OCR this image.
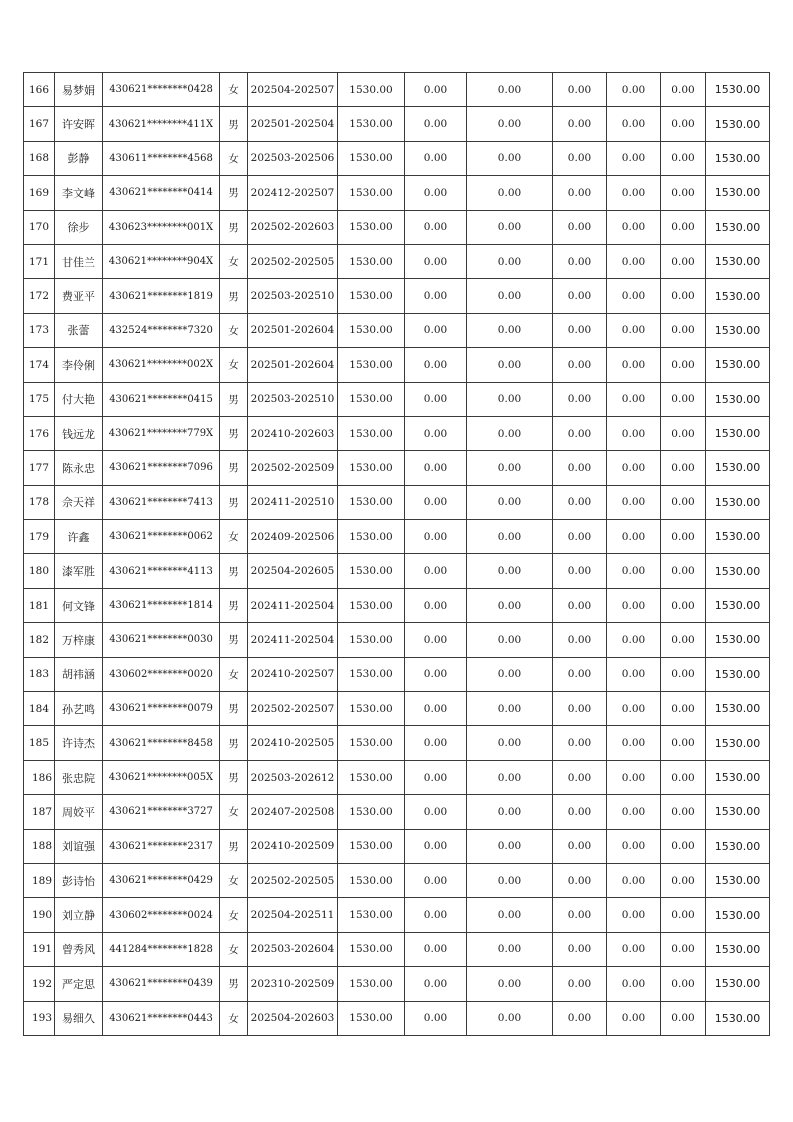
166	易梦娟	430621********0428	女	202504-202507	1530.00	0.00	0.00	0.00	0.00	0.00	1530.00
167	许安晖	430621********411X	男	202501-202504	1530.00	0.00	0.00	0.00	0.00	0.00	1530.00
168	彭静	430611********4568	女	202503-202506	1530.00	0.00	0.00	0.00	0.00	0.00	1530.00
169	李文峰	430621********0414	男	202412-202507	1530.00	0.00	0.00	0.00	0.00	0.00	1530.00
170	徐步	430623********001X	男	202502-202603	1530.00	0.00	0.00	0.00	0.00	0.00	1530.00
171	甘佳兰	430621********904X	女	202502-202505	1530.00	0.00	0.00	0.00	0.00	0.00	1530.00
172	费亚平	430621********1819	男	202503-202510	1530.00	0.00	0.00	0.00	0.00	0.00	1530.00
173	张蕾	432524********7320	女	202501-202604	1530.00	0.00	0.00	0.00	0.00	0.00	1530.00
174	李伶俐	430621********002X	女	202501-202604	1530.00	0.00	0.00	0.00	0.00	0.00	1530.00
175	付大艳	430621********0415	男	202503-202510	1530.00	0.00	0.00	0.00	0.00	0.00	1530.00
176	钱远龙	430621********779X	男	202410-202603	1530.00	0.00	0.00	0.00	0.00	0.00	1530.00
177	陈永忠	430621********7096	男	202502-202509	1530.00	0.00	0.00	0.00	0.00	0.00	1530.00
178	佘天祥	430621********7413	男	202411-202510	1530.00	0.00	0.00	0.00	0.00	0.00	1530.00
179	许鑫	430621********0062	女	202409-202506	1530.00	0.00	0.00	0.00	0.00	0.00	1530.00
180	漆军胜	430621********4113	男	202504-202605	1530.00	0.00	0.00	0.00	0.00	0.00	1530.00
181	何文锋	430621********1814	男	202411-202504	1530.00	0.00	0.00	0.00	0.00	0.00	1530.00
182	万梓康	430621********0030	男	202411-202504	1530.00	0.00	0.00	0.00	0.00	0.00	1530.00
183	胡祎涵	430602********0020	女	202410-202507	1530.00	0.00	0.00	0.00	0.00	0.00	1530.00
184	孙艺鸣	430621********0079	男	202502-202507	1530.00	0.00	0.00	0.00	0.00	0.00	1530.00
185	许诗杰	430621********8458	男	202410-202505	1530.00	0.00	0.00	0.00	0.00	0.00	1530.00
186	张忠院	430621********005X	男	202503-202612	1530.00	0.00	0.00	0.00	0.00	0.00	1530.00
187	周姣平	430621********3727	女	202407-202508	1530.00	0.00	0.00	0.00	0.00	0.00	1530.00
188	刘谊强	430621********2317	男	202410-202509	1530.00	0.00	0.00	0.00	0.00	0.00	1530.00
189	彭诗怡	430621********0429	女	202502-202505	1530.00	0.00	0.00	0.00	0.00	0.00	1530.00
190	刘立静	430602********0024	女	202504-202511	1530.00	0.00	0.00	0.00	0.00	0.00	1530.00
191	曾秀风	441284********1828	女	202503-202604	1530.00	0.00	0.00	0.00	0.00	0.00	1530.00
192	严定思	430621********0439	男	202310-202509	1530.00	0.00	0.00	0.00	0.00	0.00	1530.00
193	易细久	430621********0443	女	202504-202603	1530.00	0.00	0.00	0.00	0.00	0.00	1530.00
